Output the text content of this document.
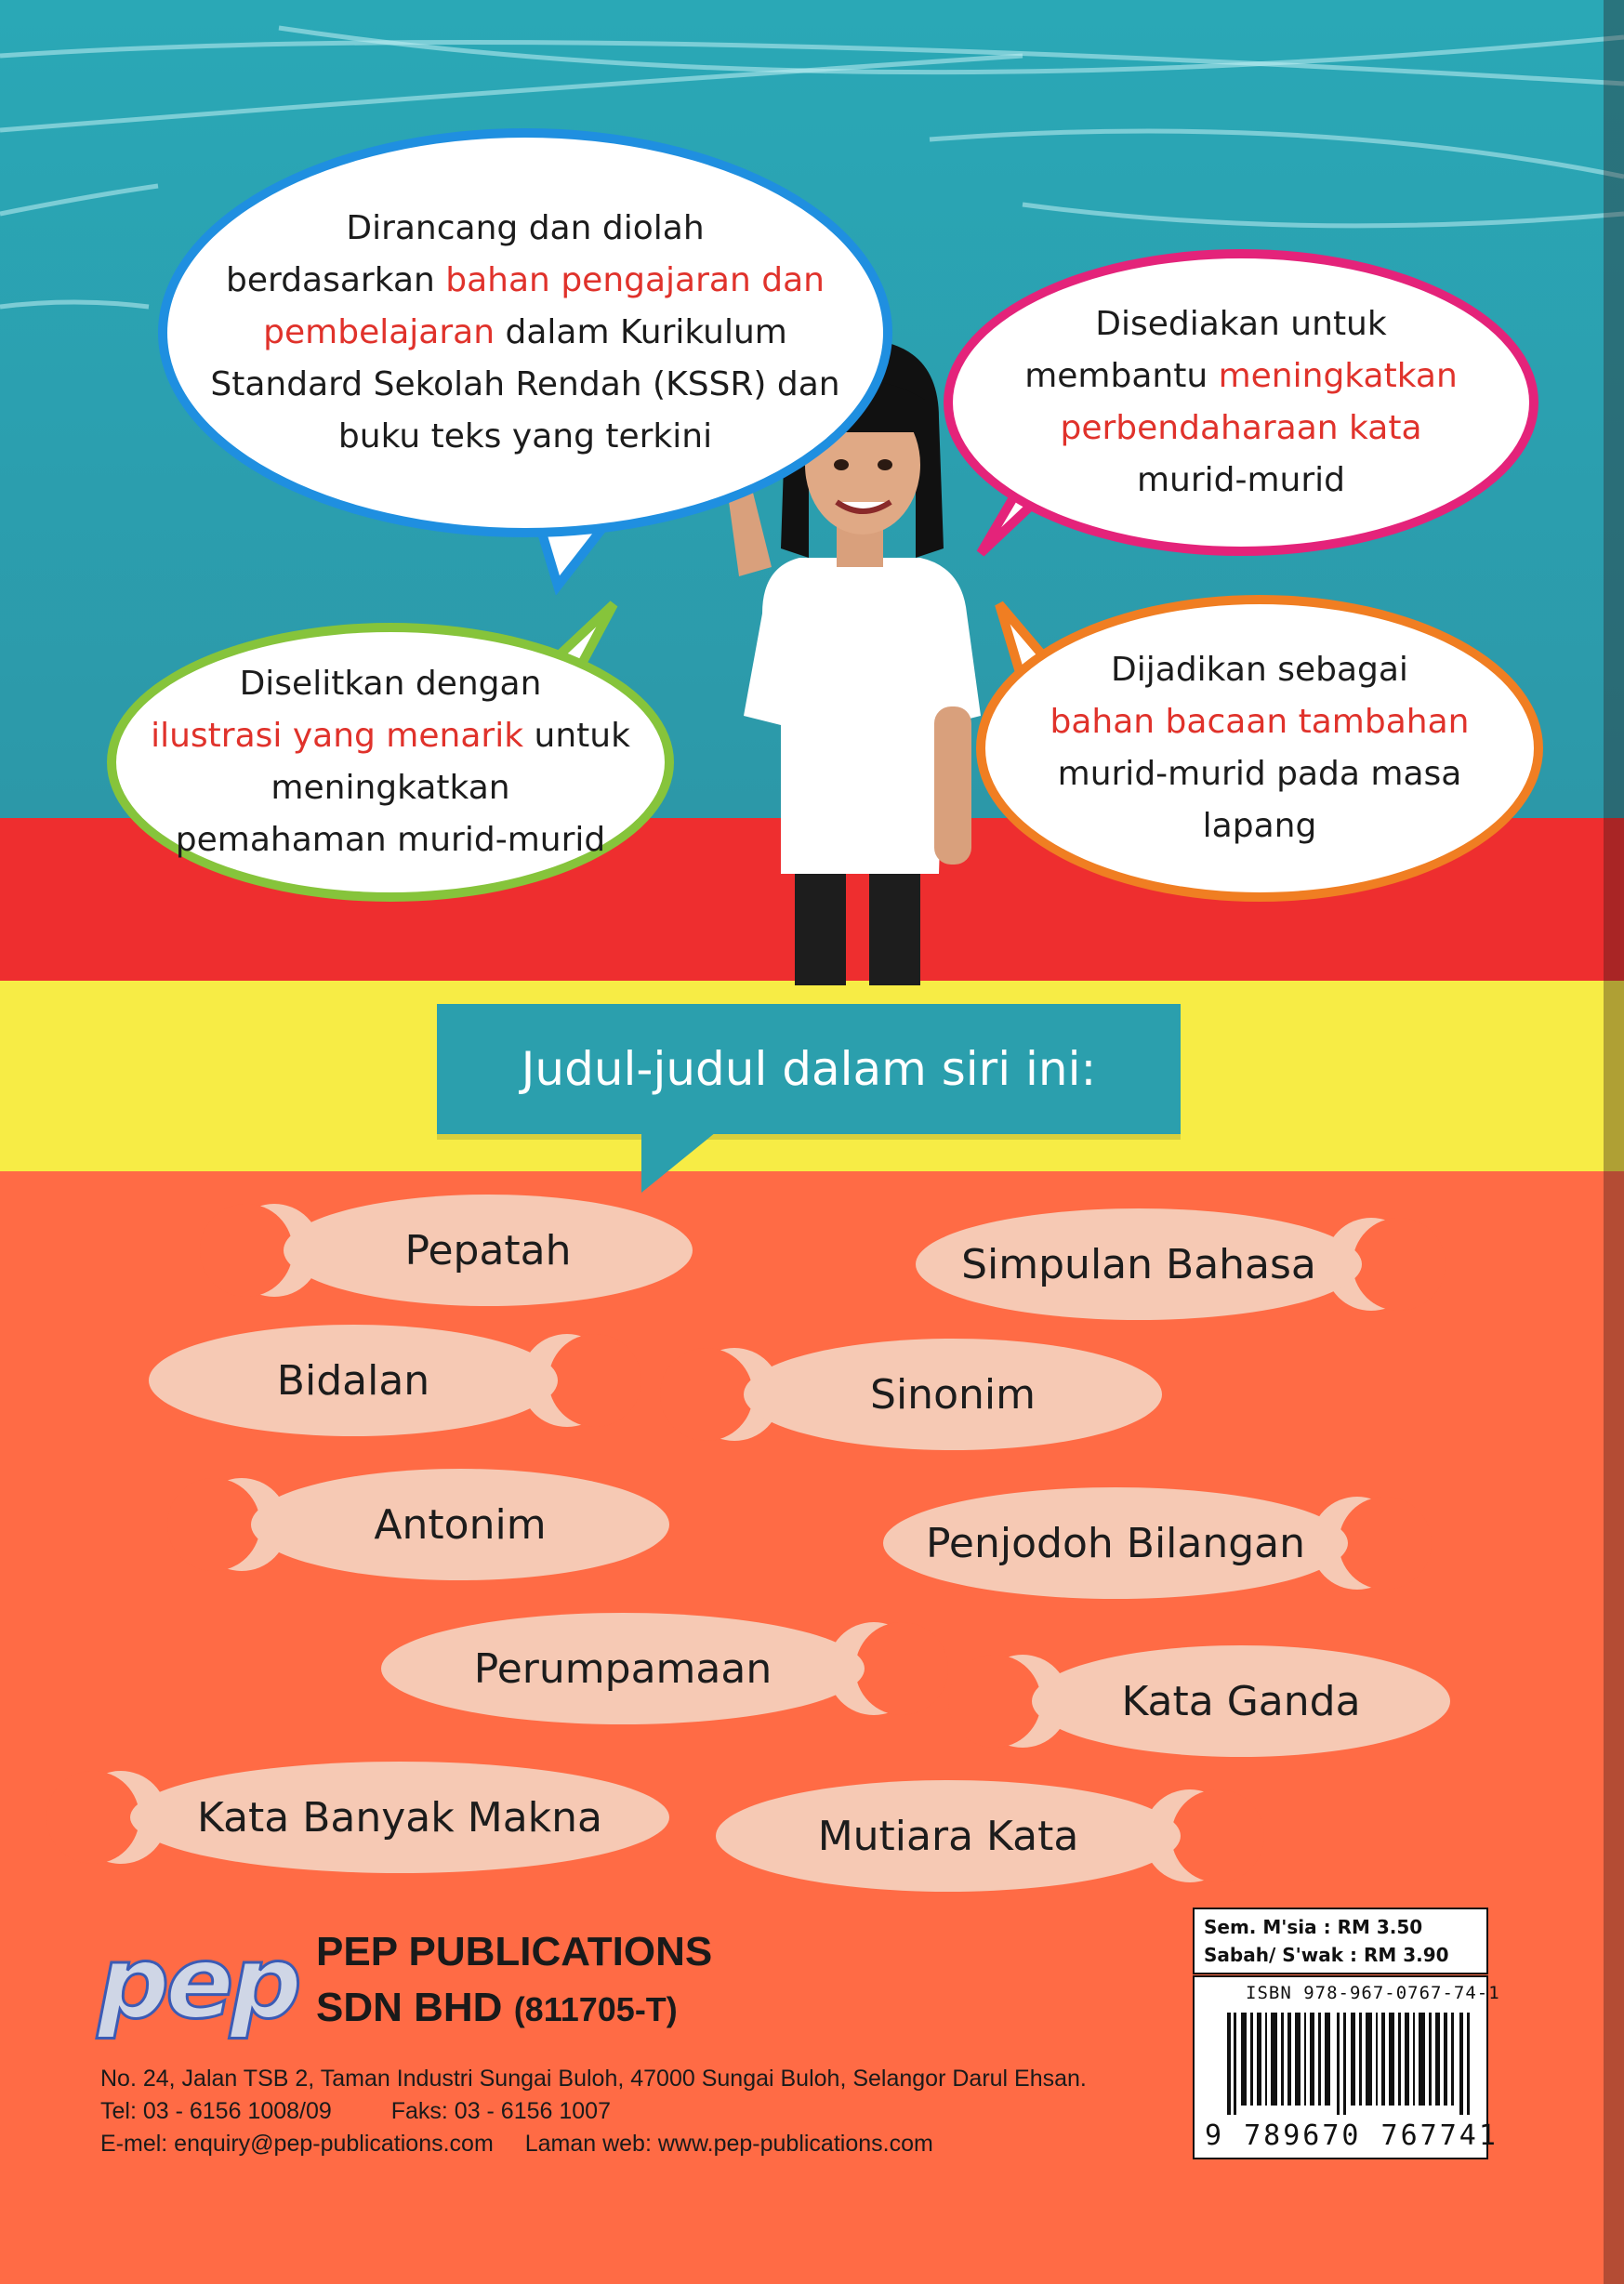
Dirancang dan diolah
berdasarkan bahan pengajaran dan
pembelajaran dalam Kurikulum
Standard Sekolah Rendah (KSSR) dan
buku teks yang terkini
Disediakan untuk
membantu meningkatkan
perbendaharaan kata
murid-murid
Diselitkan dengan
ilustrasi yang menarik untuk
meningkatkan
pemahaman murid-murid
Dijadikan sebagai
bahan bacaan tambahan
murid-murid pada masa
lapang
Judul-judul dalam siri ini:
Pepatah	Simpulan Bahasa
Bidalan	Sinonim
Antonim	Penjodoh Bilangan
Perumpamaan
Kata Ganda
Kata Banyak Makna	Mutiara Kata
pep PEP PUBLICATIONS
SDN BHD (811705-T)
No. 24, Jalan TSB 2, Taman Industri Sungai Buloh, 47000 Sungai Buloh, Selangor Darul Ehsan.
Tel: 03 - 6156 1008/09	Faks: 03 - 6156 1007
E-mel: enquiry@pep-publications.com Laman web: www.pep-publications.com
Sem. M'sia : RM 3.50
Sabah/ S'wak : RM 3.90
ISBN 978-967-0767-74-1
9 789670 767741
